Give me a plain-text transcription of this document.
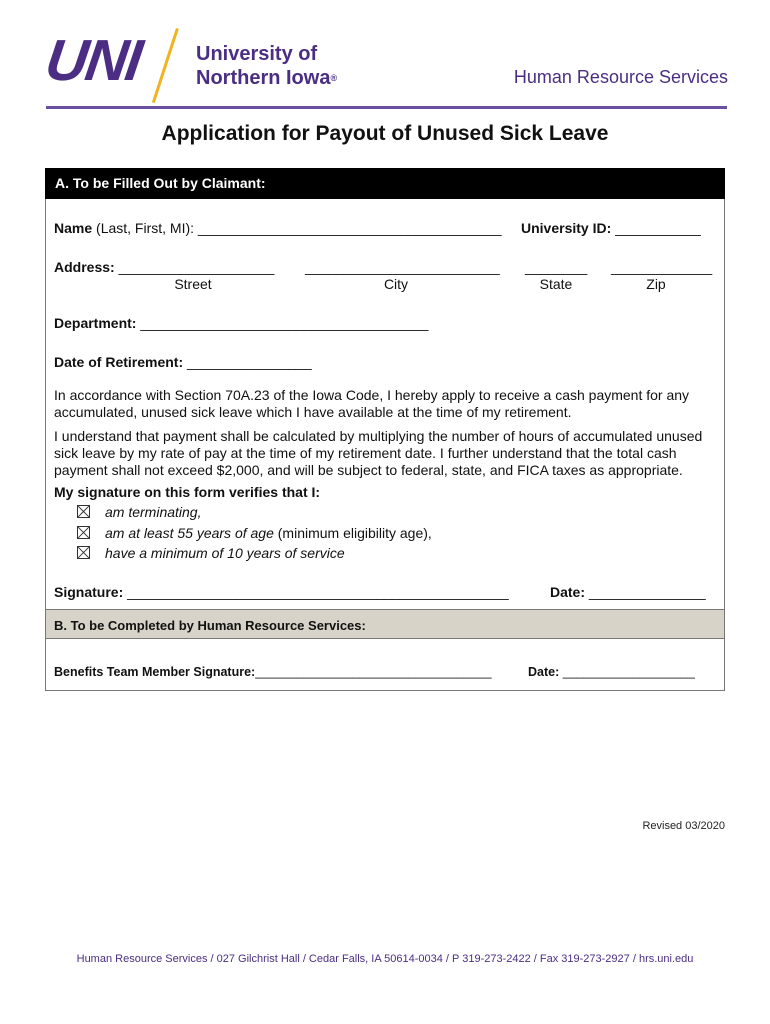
UNI	University of
Northern Iowa®	Human Resource Services
Application for Payout of Unused Sick Leave
A. To be Filled Out by Claimant:
Name (Last, First, MI): _______________________________________ University ID: ___________
Address: ____________________ _________________________ ________ _____________
Street	City	State	Zip
Department: _____________________________________
Date of Retirement: ________________
In accordance with Section 70A.23 of the Iowa Code, I hereby apply to receive a cash payment for any accumulated, unused sick leave which I have available at the time of my retirement.
I understand that payment shall be calculated by multiplying the number of hours of accumulated unused sick leave by my rate of pay at the time of my retirement date. I further understand that the total cash payment shall not exceed $2,000, and will be subject to federal, state, and FICA taxes as appropriate.
My signature on this form verifies that I:
am terminating,
am at least 55 years of age (minimum eligibility age),
have a minimum of 10 years of service
Signature: _________________________________________________	Date: _______________
B. To be Completed by Human Resource Services:
Benefits Team Member Signature:__________________________________	Date: ___________________
Revised 03/2020
Human Resource Services / 027 Gilchrist Hall / Cedar Falls, IA 50614-0034 / P 319-273-2422 / Fax 319-273-2927 / hrs.uni.edu
